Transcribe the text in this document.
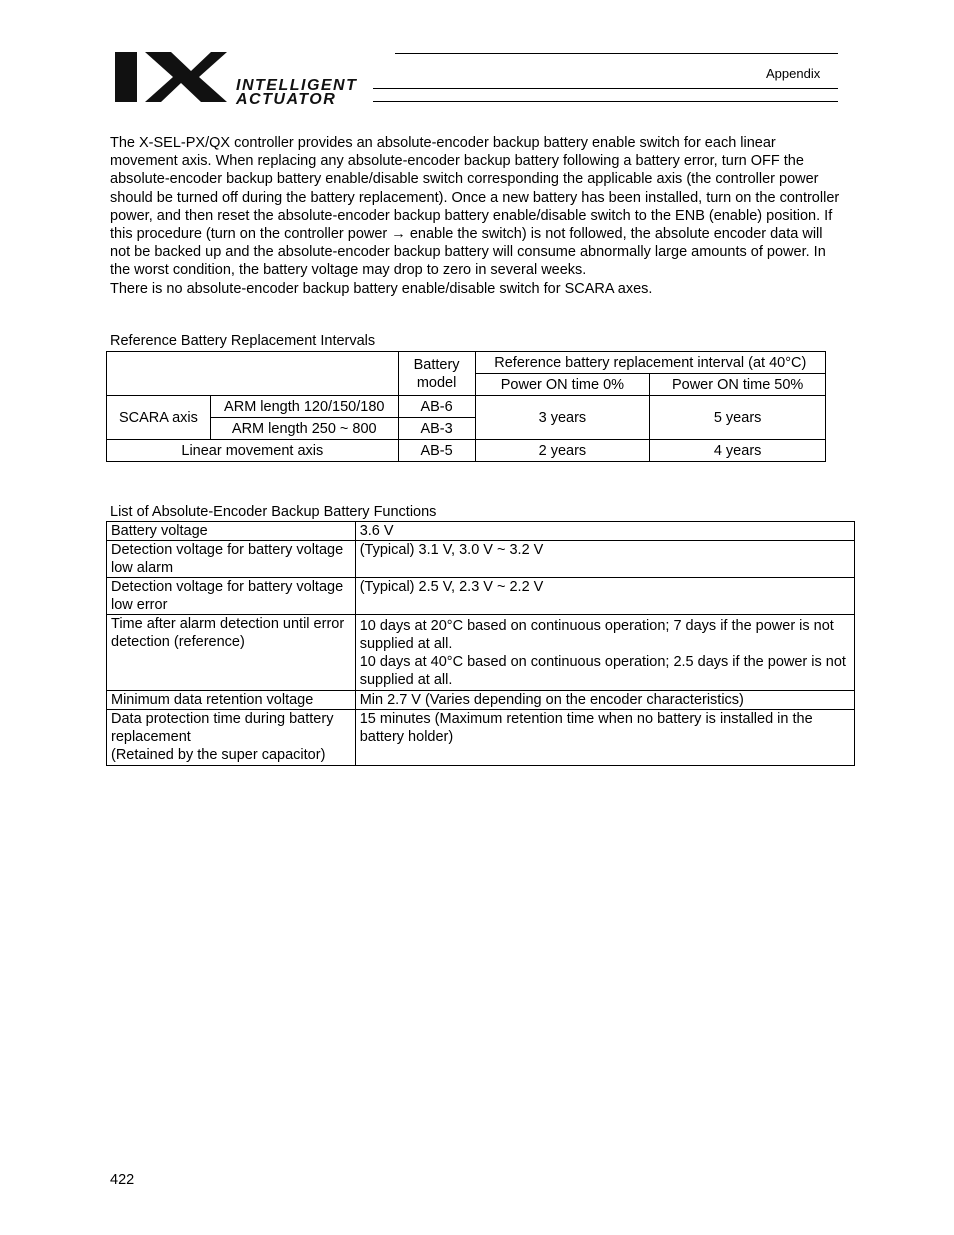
INTELLIGENT
ACTUATOR
Appendix
The X-SEL-PX/QX controller provides an absolute-encoder backup battery enable switch for each linear movement axis. When replacing any absolute-encoder backup battery following a battery error, turn OFF the absolute-encoder backup battery enable/disable switch corresponding the applicable axis (the controller power should be turned off during the battery replacement). Once a new battery has been installed, turn on the controller power, and then reset the absolute-encoder backup battery enable/disable switch to the ENB (enable) position. If this procedure (turn on the controller power → enable the switch) is not followed, the absolute encoder data will not be backed up and the absolute-encoder backup battery will consume abnormally large amounts of power. In the worst condition, the battery voltage may drop to zero in several weeks.
There is no absolute-encoder backup battery enable/disable switch for SCARA axes.
Reference Battery Replacement Intervals
		Battery model	Reference battery replacement interval (at 40°C)	
			Power ON time 0%	Power ON time 50%
SCARA axis	ARM length 120/150/180	AB-6	3 years	5 years
	ARM length 250 ~ 800	AB-3		
Linear movement axis		AB-5	2 years	4 years
List of Absolute-Encoder Backup Battery Functions
Battery voltage	3.6 V
Detection voltage for battery voltage low alarm	(Typical) 3.1 V, 3.0 V ~ 3.2 V
Detection voltage for battery voltage low error	(Typical) 2.5 V, 2.3 V ~ 2.2 V
Time after alarm detection until error detection (reference)	10 days at 20°C based on continuous operation; 7 days if the power is not supplied at all.
10 days at 40°C based on continuous operation; 2.5 days if the power is not supplied at all.

Minimum data retention voltage	Min 2.7 V (Varies depending on the encoder characteristics)

Data protection time during battery replacement
(Retained by the super capacitor)	15 minutes (Maximum retention time when no battery is installed in the battery holder)
422
